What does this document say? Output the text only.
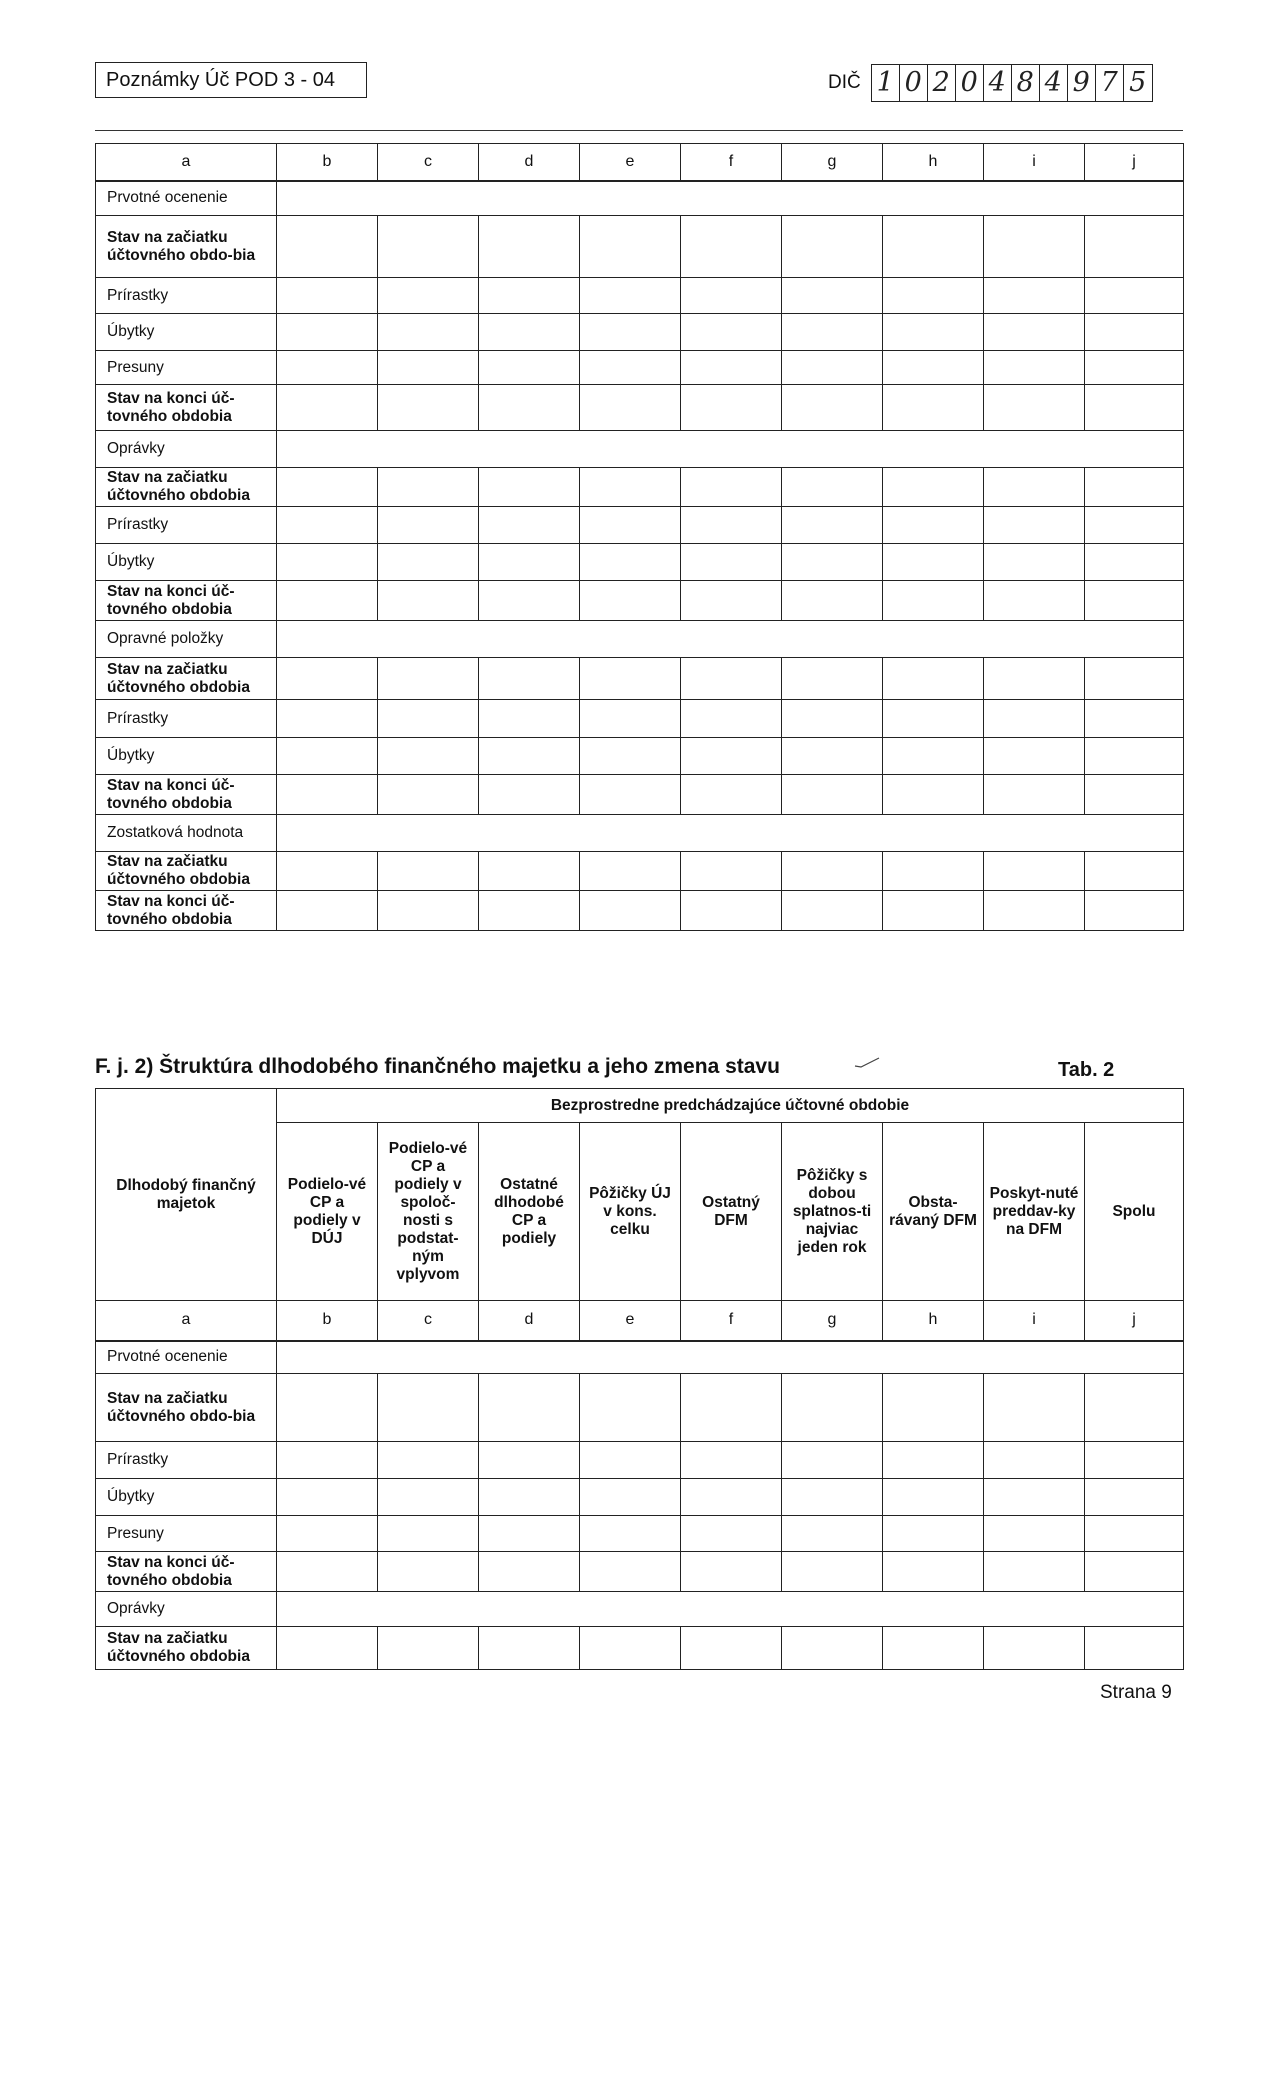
Poznámky Úč POD 3 - 04	DIČ 1 0 2 0 4 8 4 9 7 5
a	b	c	d	e	f	g	h	i	j
Prvotné ocenenie									
Stav na začiatku účtovného obdo-bia									
Prírastky									
Úbytky									
Presuny									
Stav na konci úč-tovného obdobia									
Oprávky									
Stav na začiatku účtovného obdobia									
Prírastky									
Úbytky									
Stav na konci úč-tovného obdobia									
Opravné položky									
Stav na začiatku účtovného obdobia									
Prírastky									
Úbytky									
Stav na konci úč-tovného obdobia									
Zostatková hodnota									
Stav na začiatku účtovného obdobia									
Stav na konci úč-tovného obdobia									
F. j. 2) Štruktúra dlhodobého finančného majetku a jeho zmena stavu	Tab. 2
Dlhodobý finančný majetok	Bezprostredne predchádzajúce účtovné obdobie								
	Podielo-vé CP a podiely v DÚJ	Podielo-vé CP a podiely v spoloč-nosti s podstat-ným vplyvom	Ostatné dlhodobé CP a podiely	Pôžičky ÚJ v kons. celku	Ostatný DFM	Pôžičky s dobou splatnos-ti najviac jeden rok	Obsta-rávaný DFM	Poskyt-nuté preddav-ky na DFM	Spolu
a	b	c	d	e	f	g	h	i	j
Prvotné ocenenie									
Stav na začiatku účtovného obdo-bia									
Prírastky									
Úbytky									
Presuny									
Stav na konci úč-tovného obdobia									
Oprávky									
Stav na začiatku účtovného obdobia									
Strana 9
